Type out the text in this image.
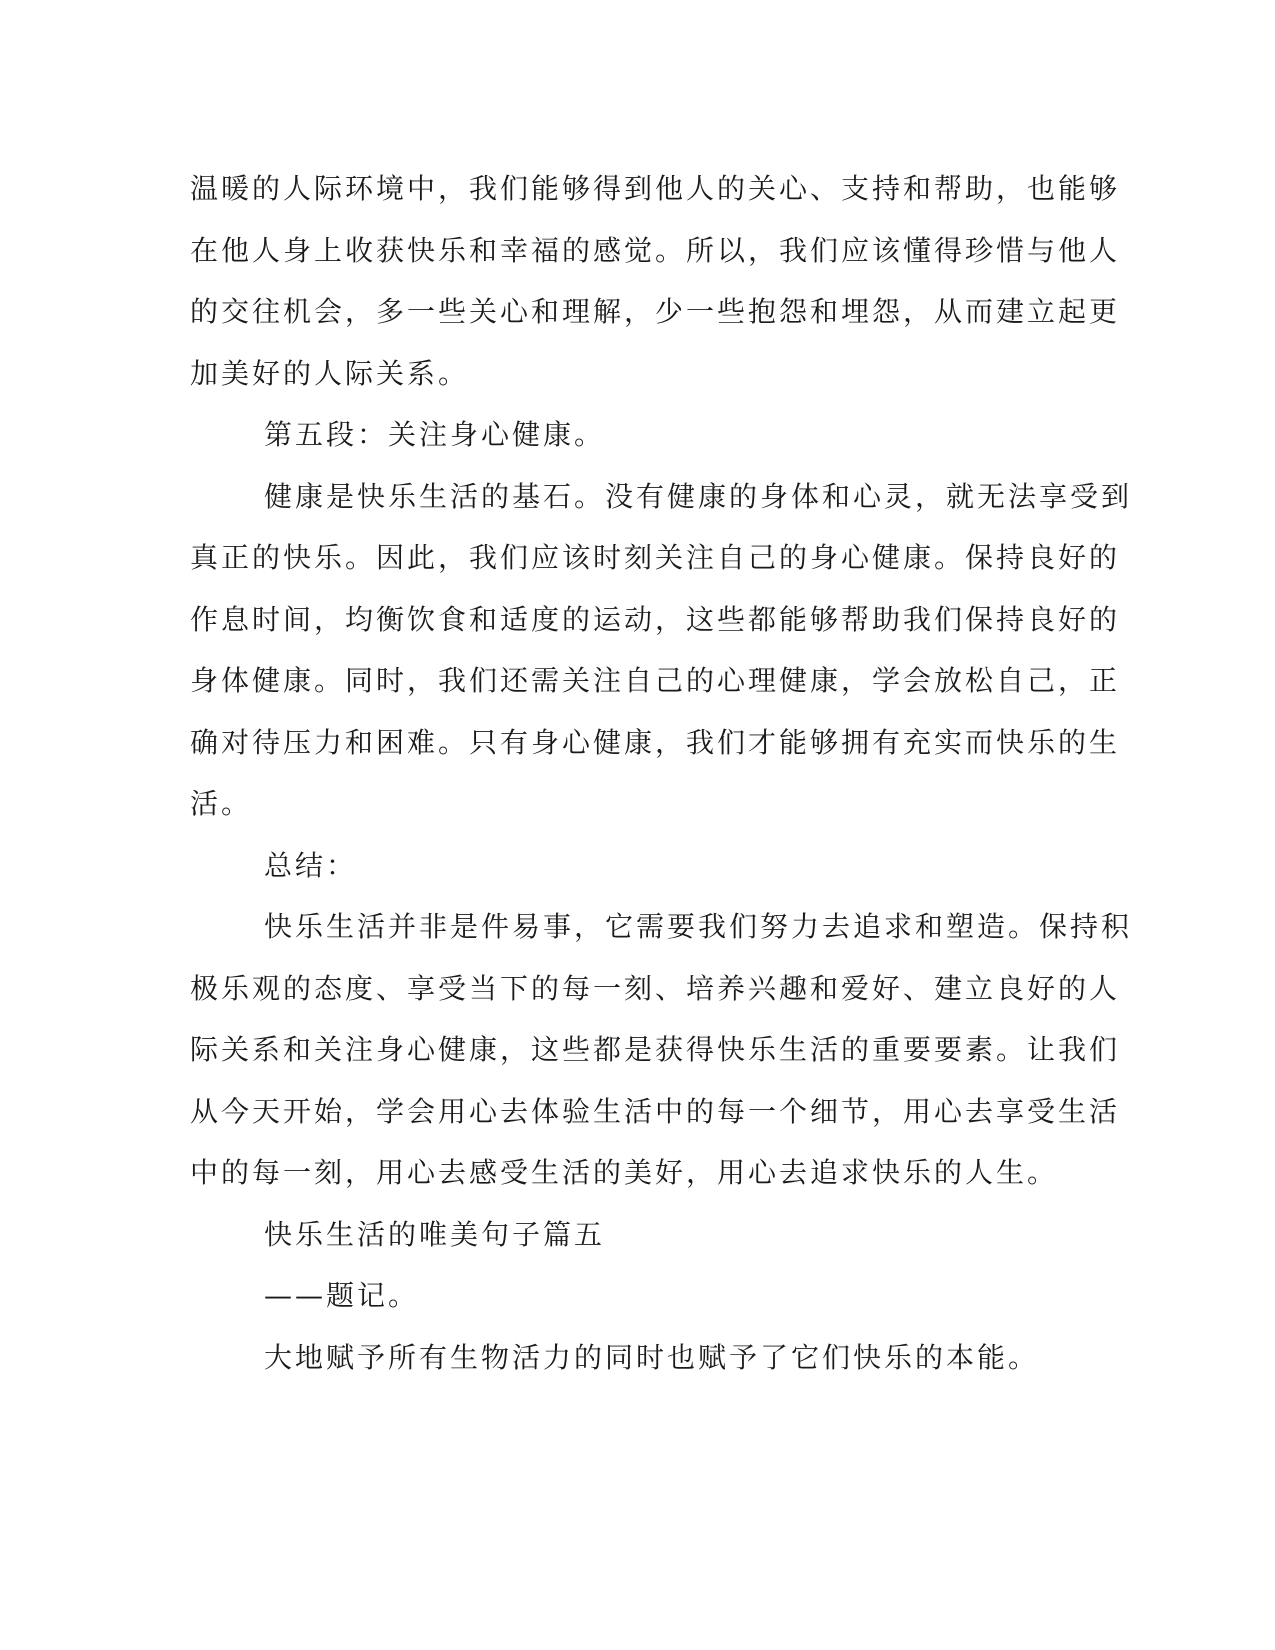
温暖的人际环境中，我们能够得到他人的关心、支持和帮助，也能够
在他人身上收获快乐和幸福的感觉。所以，我们应该懂得珍惜与他人
的交往机会，多一些关心和理解，少一些抱怨和埋怨，从而建立起更
加美好的人际关系。
第五段：关注身心健康。
健康是快乐生活的基石。没有健康的身体和心灵，就无法享受到
真正的快乐。因此，我们应该时刻关注自己的身心健康。保持良好的
作息时间，均衡饮食和适度的运动，这些都能够帮助我们保持良好的
身体健康。同时，我们还需关注自己的心理健康，学会放松自己，正
确对待压力和困难。只有身心健康，我们才能够拥有充实而快乐的生
活。
总结：
快乐生活并非是件易事，它需要我们努力去追求和塑造。保持积
极乐观的态度、享受当下的每一刻、培养兴趣和爱好、建立良好的人
际关系和关注身心健康，这些都是获得快乐生活的重要要素。让我们
从今天开始，学会用心去体验生活中的每一个细节，用心去享受生活
中的每一刻，用心去感受生活的美好，用心去追求快乐的人生。
快乐生活的唯美句子篇五
——题记。
大地赋予所有生物活力的同时也赋予了它们快乐的本能。
